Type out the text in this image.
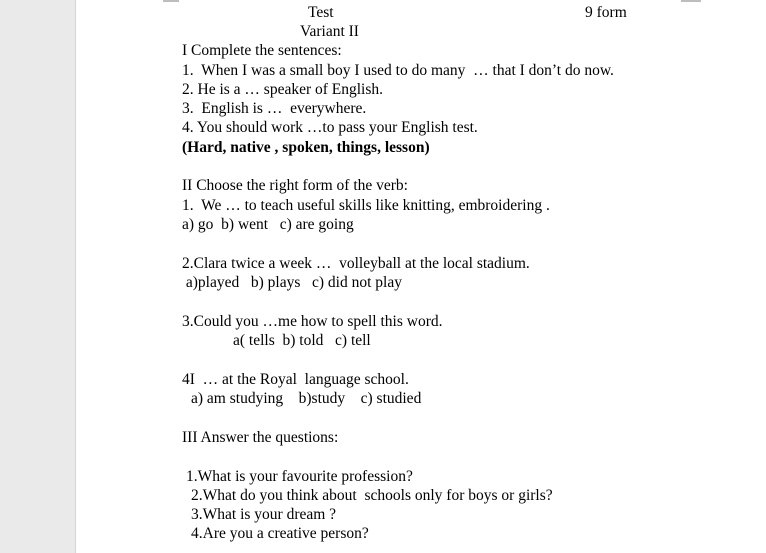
Test	9 form
Variant II
I Complete the sentences:
1.  When I was a small boy I used to do many  … that I don’t do now.
2. He is a … speaker of English.
3.  English is …  everywhere.
4. You should work …to pass your English test.
(Hard, native , spoken, things, lesson)
II Choose the right form of the verb:
1.  We … to teach useful skills like knitting, embroidering .
a) go  b) went   c) are going
2.Clara twice a week …  volleyball at the local stadium.
a)played   b) plays   c) did not play
3.Could you …me how to spell this word.
a( tells  b) told   c) tell
4I  … at the Royal  language school.
a) am studying    b)study    c) studied
III Answer the questions:
1.What is your favourite profession?
2.What do you think about  schools only for boys or girls?
3.What is your dream ?
4.Are you a creative person?
